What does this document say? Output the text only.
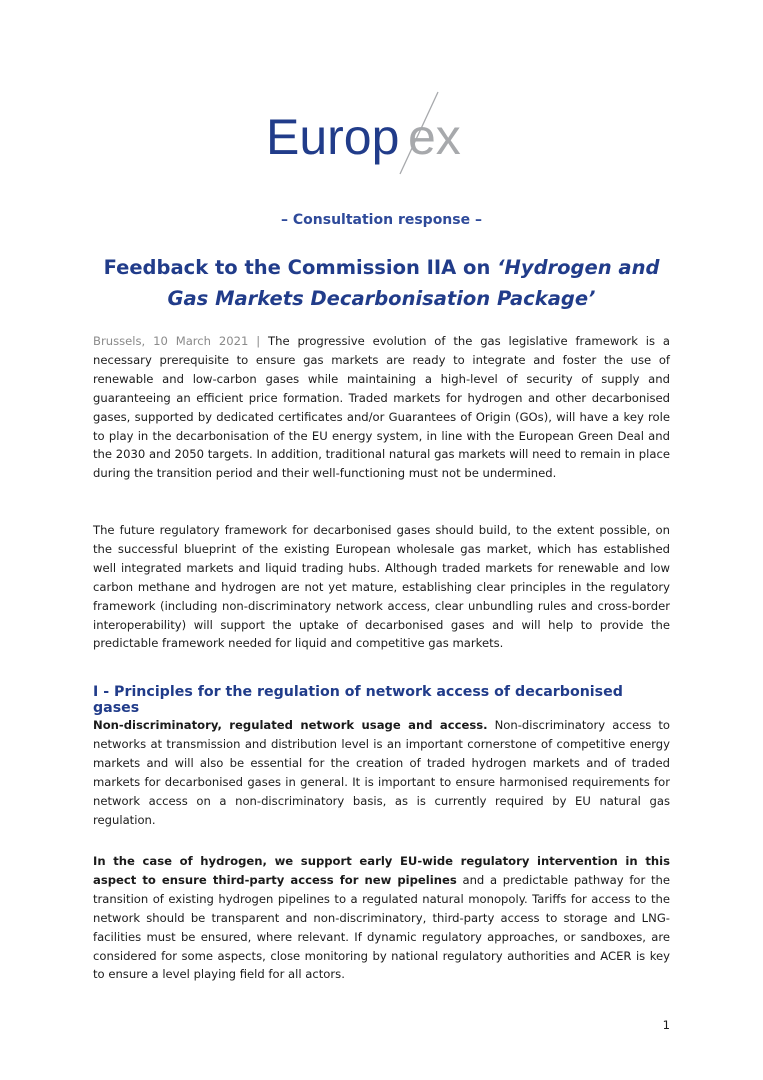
Europ ex
– Consultation response –
Feedback to the Commission IIA on ‘Hydrogen and Gas Markets Decarbonisation Package’
Brussels, 10 March 2021 | The progressive evolution of the gas legislative framework is a necessary prerequisite to ensure gas markets are ready to integrate and foster the use of renewable and low-carbon gases while maintaining a high-level of security of supply and guaranteeing an efficient price formation. Traded markets for hydrogen and other decarbonised gases, supported by dedicated certificates and/or Guarantees of Origin (GOs), will have a key role to play in the decarbonisation of the EU energy system, in line with the European Green Deal and the 2030 and 2050 targets. In addition, traditional natural gas markets will need to remain in place during the transition period and their well-functioning must not be undermined.
The future regulatory framework for decarbonised gases should build, to the extent possible, on the successful blueprint of the existing European wholesale gas market, which has established well integrated markets and liquid trading hubs. Although traded markets for renewable and low carbon methane and hydrogen are not yet mature, establishing clear principles in the regulatory framework (including non-discriminatory network access, clear unbundling rules and cross-border interoperability) will support the uptake of decarbonised gases and will help to provide the predictable framework needed for liquid and competitive gas markets.
I - Principles for the regulation of network access of decarbonised gases
Non-discriminatory, regulated network usage and access. Non-discriminatory access to networks at transmission and distribution level is an important cornerstone of competitive energy markets and will also be essential for the creation of traded hydrogen markets and of traded markets for decarbonised gases in general. It is important to ensure harmonised requirements for network access on a non-discriminatory basis, as is currently required by EU natural gas regulation.
In the case of hydrogen, we support early EU-wide regulatory intervention in this aspect to ensure third-party access for new pipelines and a predictable pathway for the transition of existing hydrogen pipelines to a regulated natural monopoly. Tariffs for access to the network should be transparent and non-discriminatory, third-party access to storage and LNG-facilities must be ensured, where relevant. If dynamic regulatory approaches, or sandboxes, are considered for some aspects, close monitoring by national regulatory authorities and ACER is key to ensure a level playing field for all actors.
1
